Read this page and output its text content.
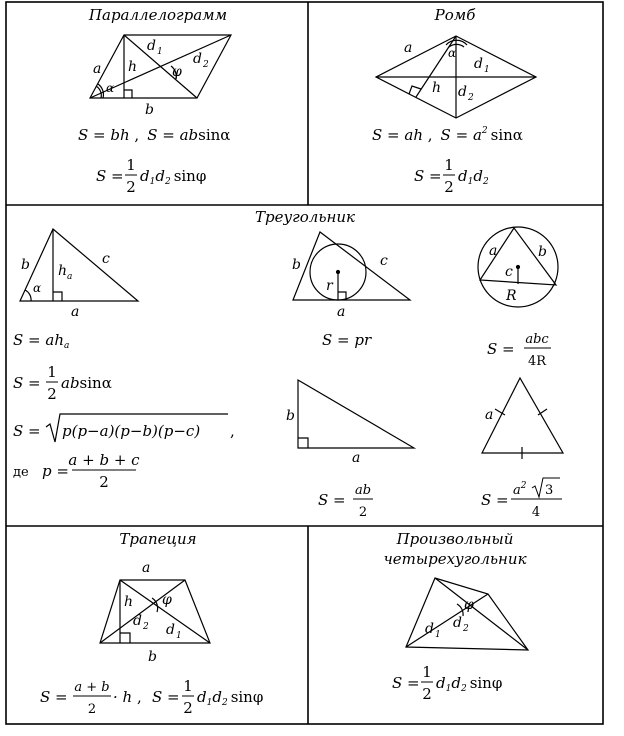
Параллелограмм
a h
α
b
d 1 d 2
φ
S = bh , S = absinα
S =
1
2
d1d2 sinφ
Ромб
a	α
d 1
h d 2
S = ah , $S = a^2$ sinα
S =
1
2
d1d2
Треугольник
b	c
h a
α
a
S = aha
S =
1
2
absinα
S = p(p−a)(p−b)(p−c) ,
де p =
a + b + c
2
b	c
r
a
S = pr
a	b
c
R
S =
abc
4R
b
a
S =
ab
2
a
S =
$a^2$ 3
4
Трапеция
a
h φ
d 2 d 1
b
S =
a + b
2
· h , S =
1
2
d1d2 sinφ
Произвольный
четырехугольник
φ
d 1
d 2
S =
1
2
d1d2 sinφ
